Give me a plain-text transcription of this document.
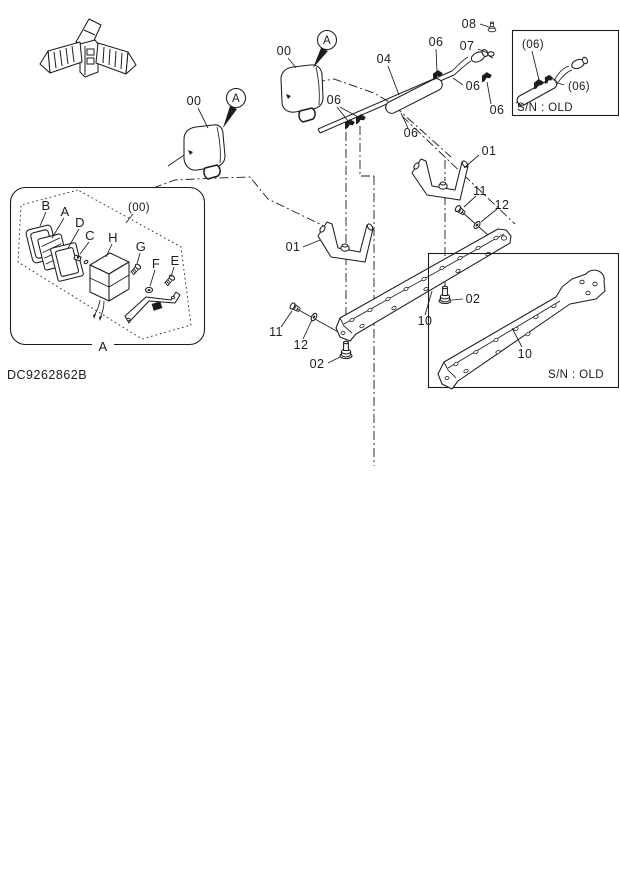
(06)
(06)
S/N : OLD
10
S/N : OLD
(00)
B A
D
C H
G
F E
A
A
A
00
00
08
07
06
04
06
06
06
06
01
01
11
12
02
10
11
12
02
DC9262862B
